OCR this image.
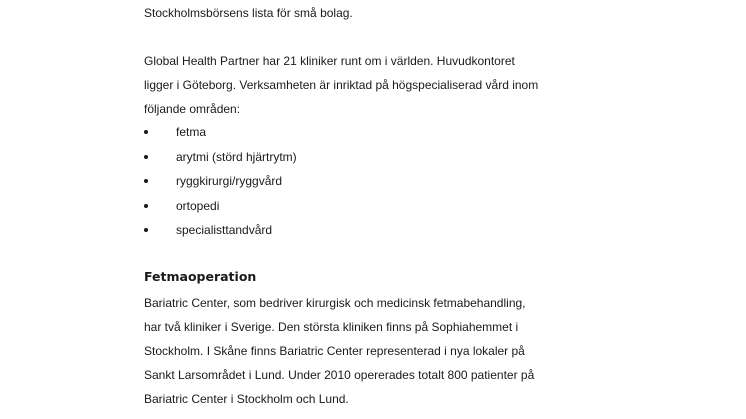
Stockholmsbörsens lista för små bolag.
Global Health Partner har 21 kliniker runt om i världen. Huvudkontoret
ligger i Göteborg. Verksamheten är inriktad på högspecialiserad vård inom
följande områden:
fetma
arytmi (störd hjärtrytm)
ryggkirurgi/ryggvård
ortopedi
specialisttandvård
Fetmaoperation
Bariatric Center, som bedriver kirurgisk och medicinsk fetmabehandling,
har två kliniker i Sverige. Den största kliniken finns på Sophiahemmet i
Stockholm. I Skåne finns Bariatric Center representerad i nya lokaler på
Sankt Larsområdet i Lund. Under 2010 opererades totalt 800 patienter på
Bariatric Center i Stockholm och Lund.
